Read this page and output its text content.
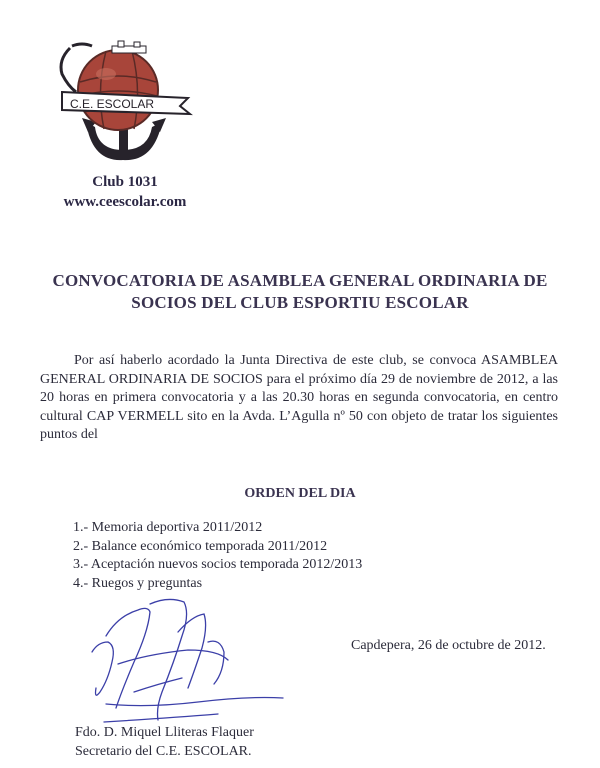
C.E. ESCOLAR
Club 1031
www.ceescolar.com
CONVOCATORIA DE ASAMBLEA GENERAL ORDINARIA DE
SOCIOS DEL CLUB ESPORTIU ESCOLAR

Por así haberlo acordado la Junta Directiva de este club, se convoca ASAMBLEA GENERAL ORDINARIA DE SOCIOS para el próximo día 29 de noviembre de 2012, a las 20 horas en primera convocatoria y a las 20.30 horas en segunda convocatoria, en centro cultural CAP VERMELL sito en la Avda. L’Agulla nº 50 con objeto de tratar los siguientes puntos del

ORDEN DEL DIA
1.- Memoria deportiva 2011/2012
2.- Balance económico temporada 2011/2012
3.- Aceptación nuevos socios temporada 2012/2013
4.- Ruegos y preguntas
Capdepera, 26 de octubre de 2012.
Fdo. D. Miquel Lliteras Flaquer
Secretario del C.E. ESCOLAR.
